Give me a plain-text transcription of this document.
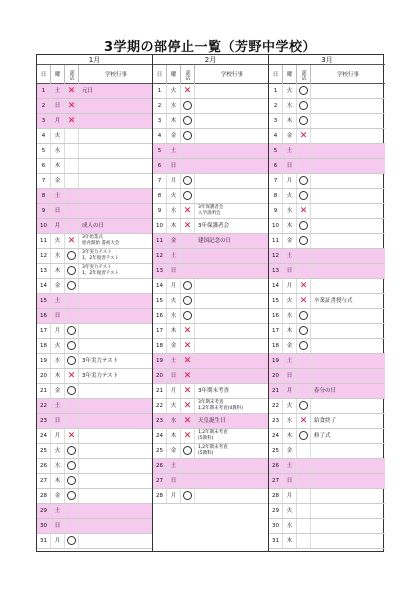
3学期の部停止一覧（芳野中学校）
1月
日 曜 部活	学校行事
1	土 ✕	元日
2	日 ✕
3	月 ✕
4	火
5	水
6	木
7	金
8	土
9	日
10	月	成人の日
11	火 ✕	3年始業式
給食開始 書初大会
12	水
3年実力テスト
1，2年復習テスト
13	木
3年実力テスト
1，2年復習テスト
14	金
15	土
16	日
17	月
18	火
19	水	3年実力テスト
20	木 ✕	3年実力テスト
21	金
22	土
23	日
24	月 ✕
25	火
26	水
27	木
28	金
29	土
30	日
31	月
2月
日 曜 部活	学校行事
1	火 ✕
2	水
3	木
4	金
5	土
6	日
7	月
8	火
9	水 ✕	3年保護者会
入学説明会
10	木 ✕	3年保護者会
11	金	建国記念の日
12	土
13	日
14	月
15	火
16	水
17	木 ✕
18	金 ✕
19	土 ✕
20	日 ✕
21	月 ✕	3年期末考査
22	火 ✕	3年期末考査
1,2年期末考査(4教科)
23	水 ✕	天皇誕生日
24	木 ✕	1,2年期末考査
(5教科)
25	金
1,2年期末考査
(5教科)
26	土
27	日
28	月
3月
日 曜 部活	学校行事
1	火
2	水
3	木
4	金 ✕
5	土
6	日
7	月
8	火
9	水 ✕
10	木
11	金
12	土
13	日
14	月 ✕
15	火 ✕	卒業証書授与式
16	水
17	木
18	金
19	土
20	日
21	月	春分の日
22	火
23	水 ✕	給食終了
24	木	修了式
25	金
26	土
27	日
28	月
29	火
30	水
31	木
